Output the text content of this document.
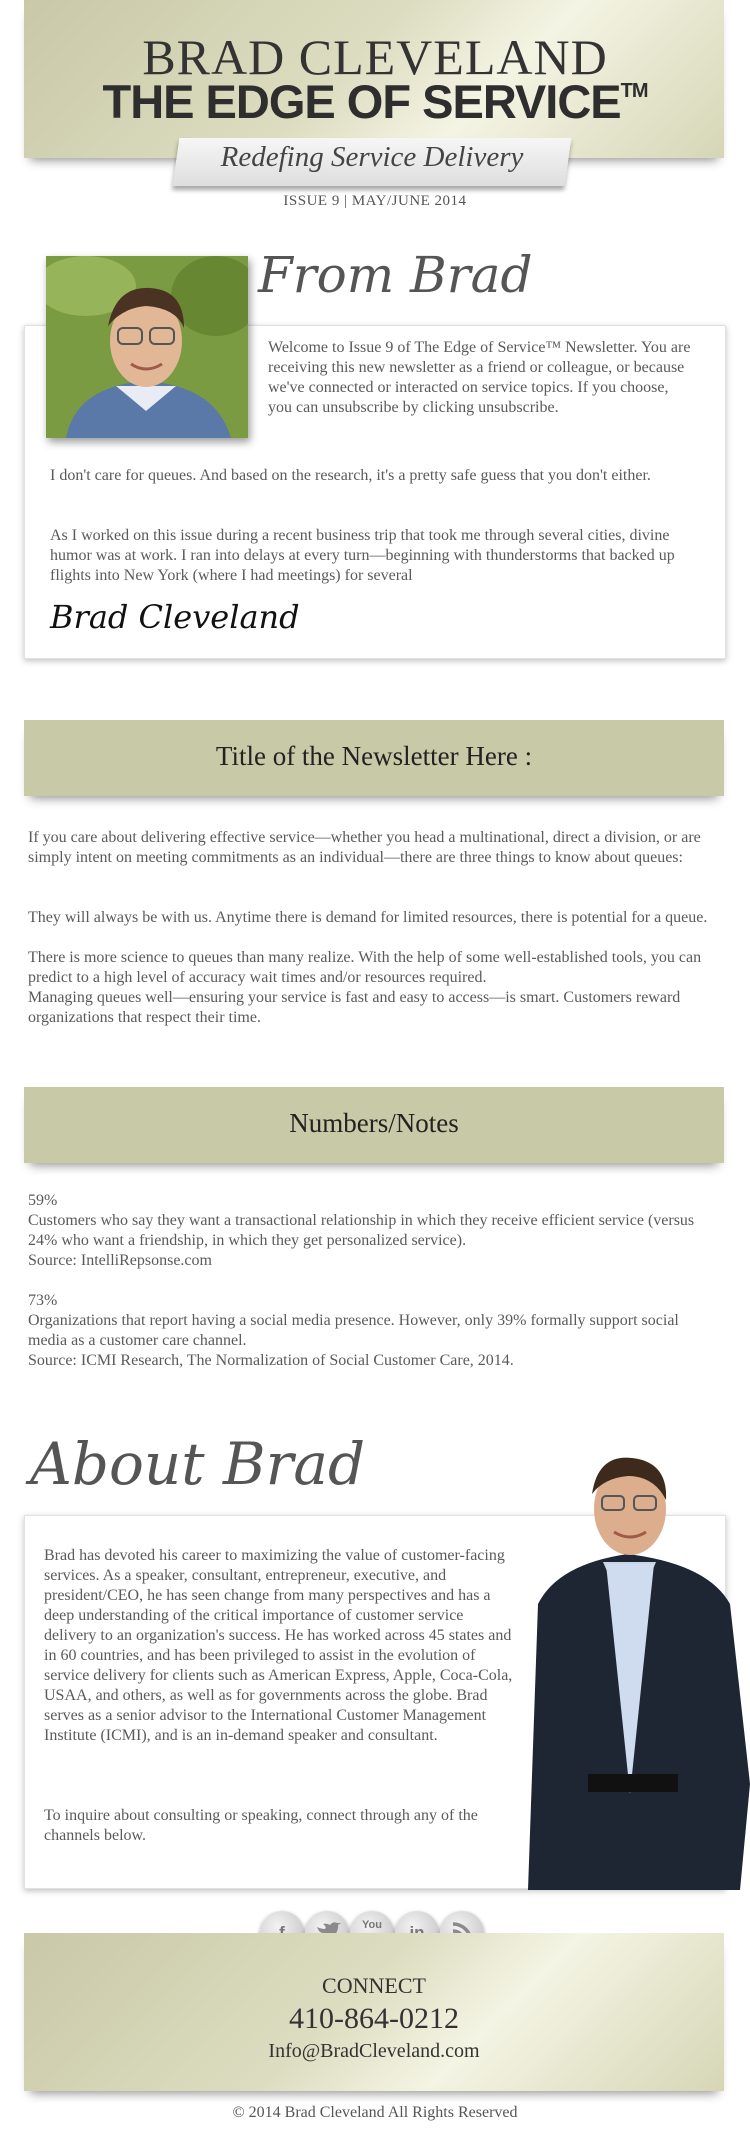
BRAD CLEVELAND
THE EDGE OF SERVICE™
Redefing Service Delivery
ISSUE 9 | MAY/JUNE 2014
From Brad
Welcome to Issue 9 of The Edge of Service™ Newsletter. You are receiving this new newsletter as a friend or colleague, or because we've connected or interacted on service topics. If you choose, you can unsubscribe by clicking unsubscribe.
I don't care for queues. And based on the research, it's a pretty safe guess that you don't either.
As I worked on this issue during a recent business trip that took me through several cities, divine humor was at work. I ran into delays at every turn—beginning with thunderstorms that backed up flights into New York (where I had meetings) for several
Brad Cleveland
Title of the Newsletter Here :
If you care about delivering effective service—whether you head a multinational, direct a division, or are simply intent on meeting commitments as an individual—there are three things to know about queues:
They will always be with us. Anytime there is demand for limited resources, there is potential for a queue.
There is more science to queues than many realize. With the help of some well-established tools, you can predict to a high level of accuracy wait times and/or resources required.
Managing queues well—ensuring your service is fast and easy to access—is smart. Customers reward organizations that respect their time.
Numbers/Notes
59%
Customers who say they want a transactional relationship in which they receive efficient service (versus 24% who want a friendship, in which they get personalized service).
Source: IntelliRepsonse.com
73%
Organizations that report having a social media presence. However, only 39% formally support social media as a customer care channel.
Source: ICMI Research, The Normalization of Social Customer Care, 2014.
About Brad
Brad has devoted his career to maximizing the value of customer-facing services. As a speaker, consultant, entrepreneur, executive, and president/CEO, he has seen change from many perspectives and has a deep understanding of the critical importance of customer service delivery to an organization's success. He has worked across 45 states and in 60 countries, and has been privileged to assist in the evolution of service delivery for clients such as American Express, Apple, Coca-Cola, USAA, and others, as well as for governments across the globe. Brad serves as a senior advisor to the International Customer Management Institute (ICMI), and is an in-demand speaker and consultant.
To inquire about consulting or speaking, connect through any of the channels below.
You

CONNECT
410-864-0212
Info@BradCleveland.com
© 2014 Brad Cleveland All Rights Reserved
